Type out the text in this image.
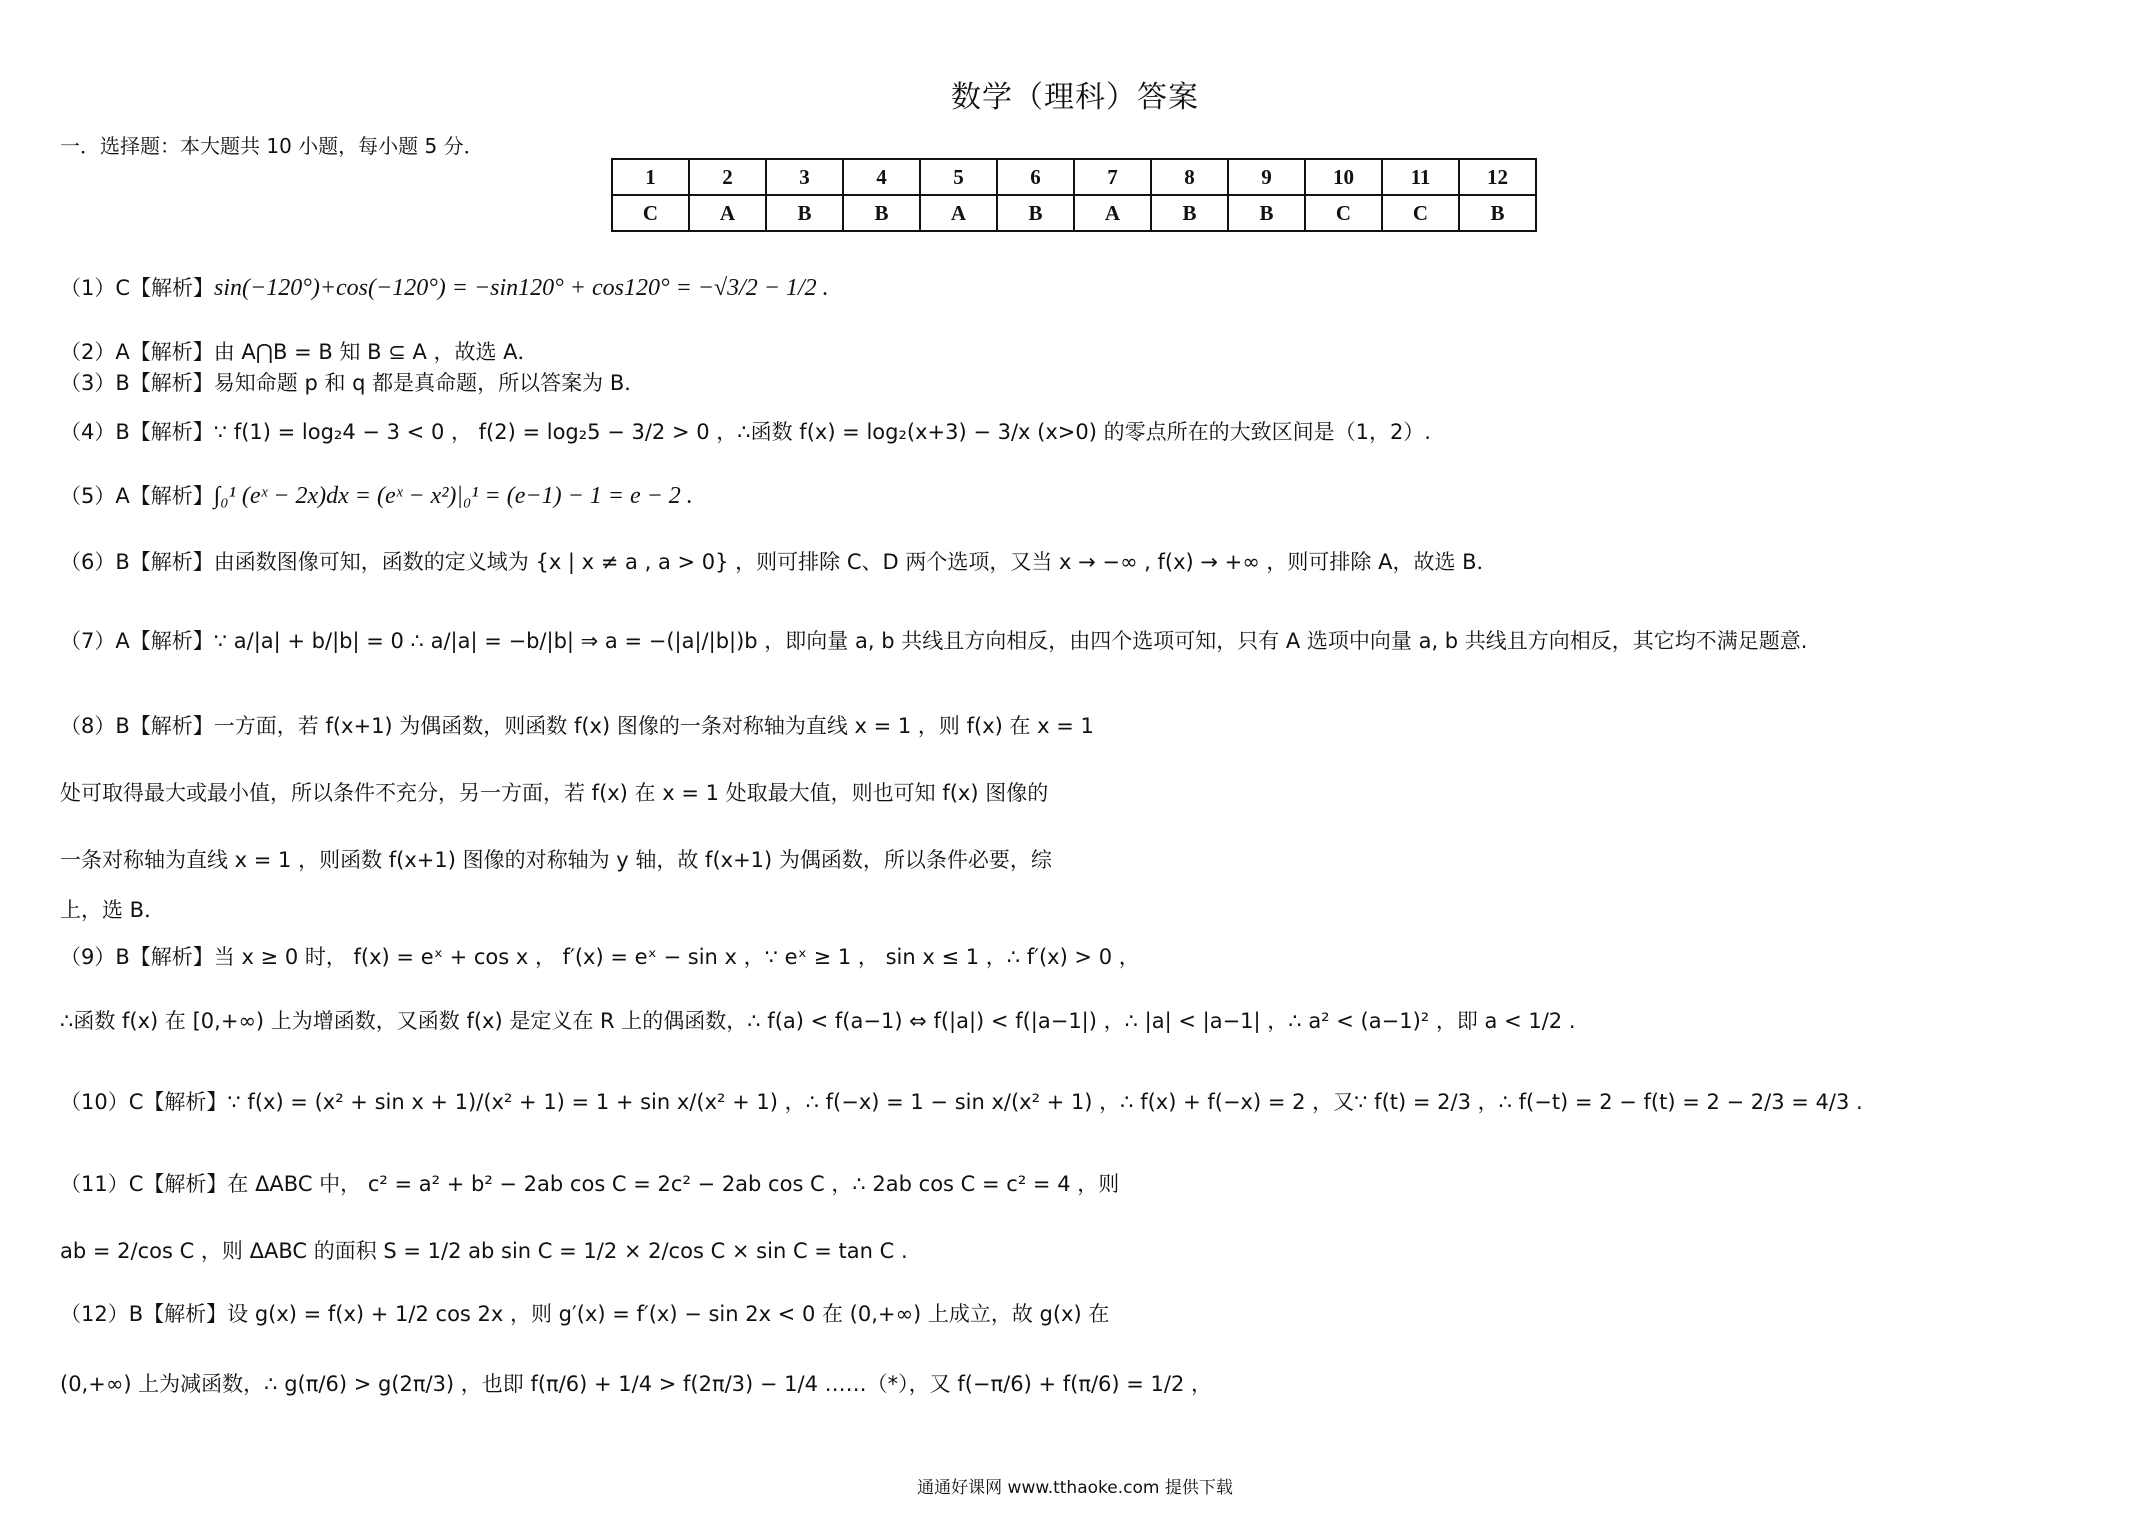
数学（理科）答案
一．选择题：本大题共 10 小题，每小题 5 分．
1	2	3	4	5	6	7	8	9	10	11	12
C	A	B	B	A	B	A	B	B	C	C	B
（1）C【解析】sin(−120°)+cos(−120°) = −sin120° + cos120° = −√3/2 − 1/2 .
（2）A【解析】由 A⋂B = B 知 B ⊆ A ，故选 A．
（3）B【解析】易知命题 p 和 q 都是真命题，所以答案为 B．
（4）B【解析】∵ f(1) = log₂4 − 3 < 0 ， f(2) = log₂5 − 3/2 > 0 ，∴函数 f(x) = log₂(x+3) − 3/x (x>0) 的零点所在的大致区间是（1，2）.
（5）A【解析】∫₀¹ (eˣ − 2x)dx = (eˣ − x²)|₀¹ = (e−1) − 1 = e − 2 .
（6）B【解析】由函数图像可知，函数的定义域为 {x | x ≠ a , a > 0} ，则可排除 C、D 两个选项，又当 x → −∞ , f(x) → +∞ ，则可排除 A，故选 B．
（7）A【解析】∵ a/|a| + b/|b| = 0 ∴ a/|a| = −b/|b| ⇒ a = −(|a|/|b|)b ，即向量 a, b 共线且方向相反，由四个选项可知，只有 A 选项中向量 a, b 共线且方向相反，其它均不满足题意.
（8）B【解析】一方面，若 f(x+1) 为偶函数，则函数 f(x) 图像的一条对称轴为直线 x = 1 ，则 f(x) 在 x = 1
处可取得最大或最小值，所以条件不充分，另一方面，若 f(x) 在 x = 1 处取最大值，则也可知 f(x) 图像的
一条对称轴为直线 x = 1 ，则函数 f(x+1) 图像的对称轴为 y 轴，故 f(x+1) 为偶函数，所以条件必要，综
上，选 B．
（9）B【解析】当 x ≥ 0 时， f(x) = eˣ + cos x ， f′(x) = eˣ − sin x ，∵ eˣ ≥ 1 ， sin x ≤ 1 ，∴ f′(x) > 0 ，
∴函数 f(x) 在 [0,+∞) 上为增函数，又函数 f(x) 是定义在 R 上的偶函数，∴ f(a) < f(a−1) ⇔ f(|a|) < f(|a−1|) ，∴ |a| < |a−1| ，∴ a² < (a−1)² ，即 a < 1/2 .
（10）C【解析】∵ f(x) = (x² + sin x + 1)/(x² + 1) = 1 + sin x/(x² + 1) ，∴ f(−x) = 1 − sin x/(x² + 1) ，∴ f(x) + f(−x) = 2 ，又∵ f(t) = 2/3 ，∴ f(−t) = 2 − f(t) = 2 − 2/3 = 4/3 .
（11）C【解析】在 ΔABC 中， c² = a² + b² − 2ab cos C = 2c² − 2ab cos C ，∴ 2ab cos C = c² = 4 ，则
ab = 2/cos C ，则 ΔABC 的面积 S = 1/2 ab sin C = 1/2 × 2/cos C × sin C = tan C .
（12）B【解析】设 g(x) = f(x) + 1/2 cos 2x ，则 g′(x) = f′(x) − sin 2x < 0 在 (0,+∞) 上成立，故 g(x) 在
(0,+∞) 上为减函数，∴ g(π/6) > g(2π/3) ，也即 f(π/6) + 1/4 > f(2π/3) − 1/4 ……（*），又 f(−π/6) + f(π/6) = 1/2 ，
通通好课网 www.tthaoke.com 提供下载
